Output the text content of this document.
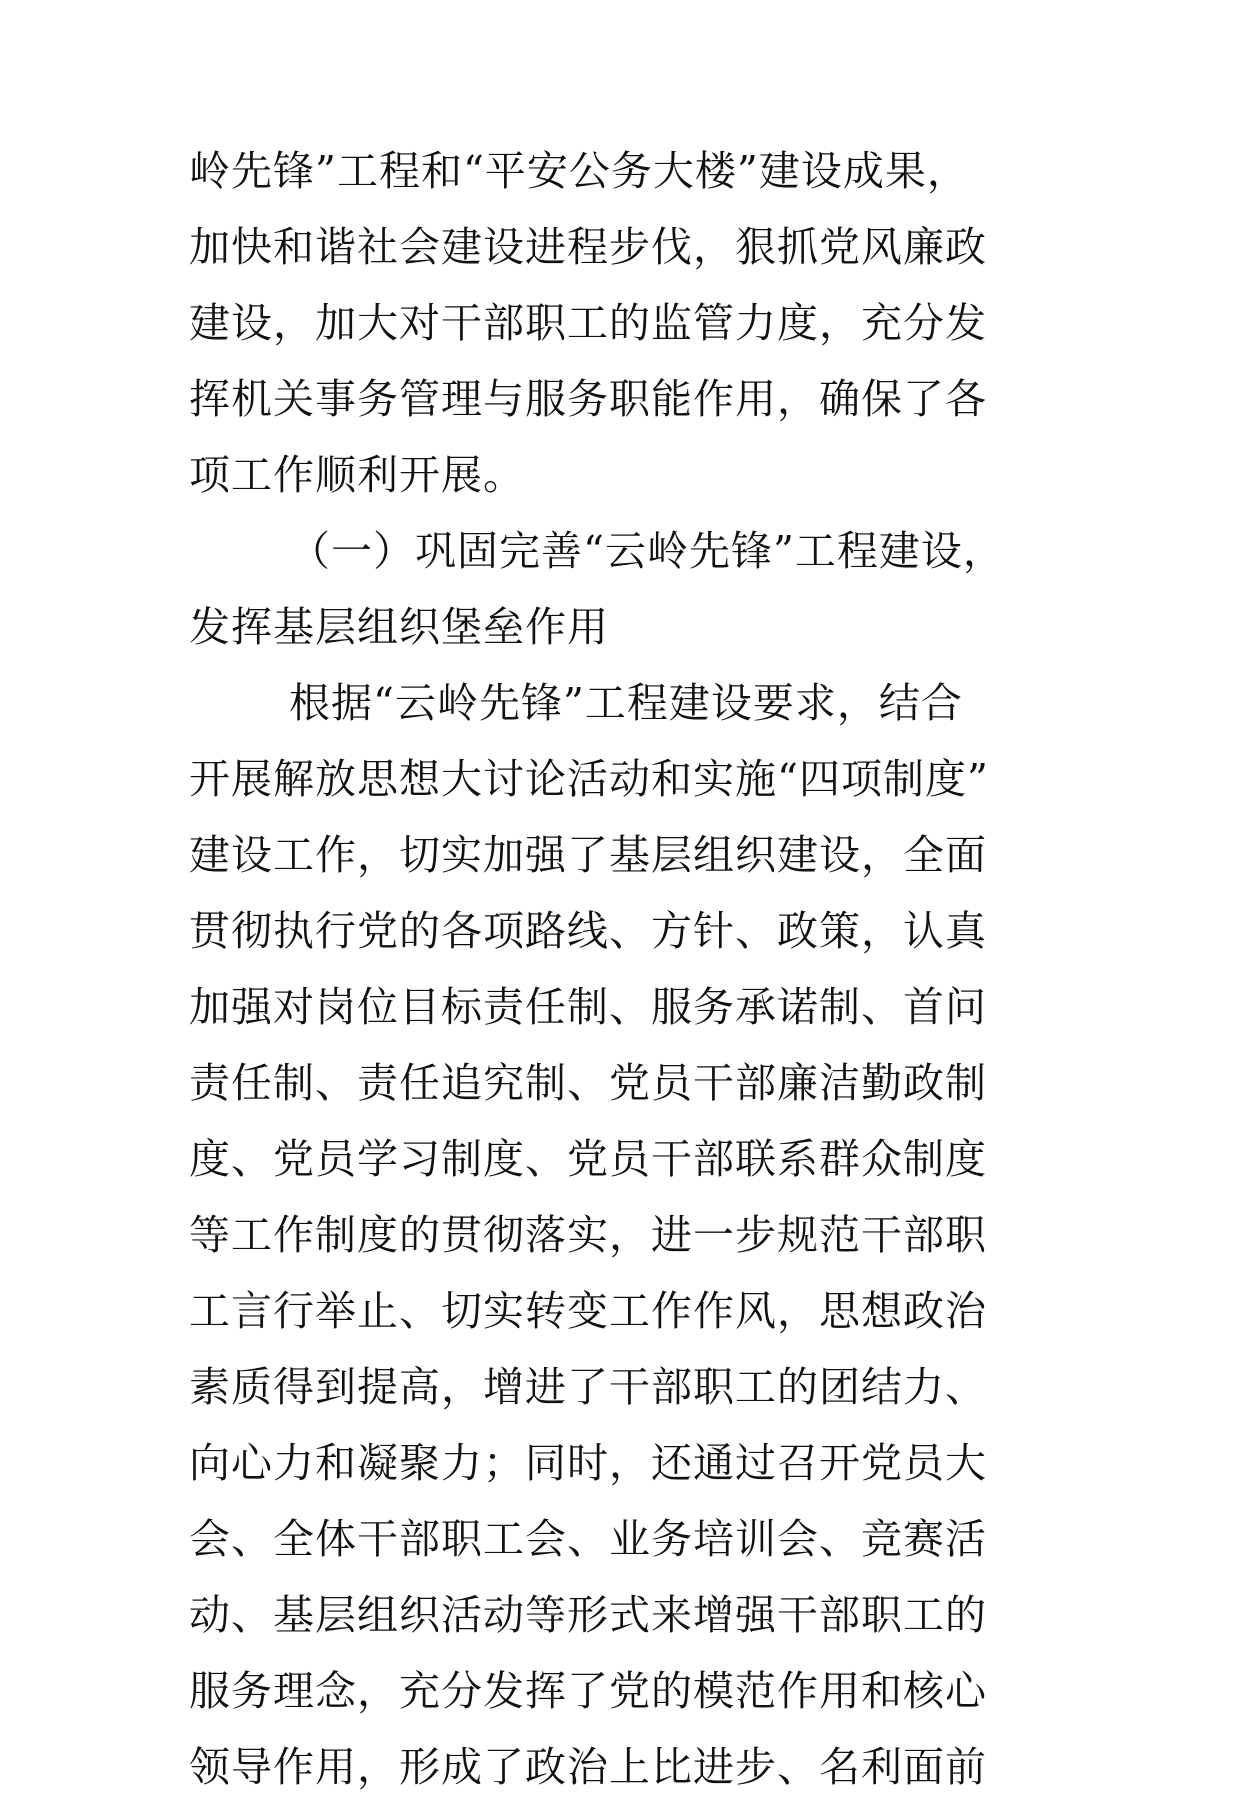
岭先锋”工程和“平安公务大楼”建设成果，
加快和谐社会建设进程步伐，狠抓党风廉政
建设，加大对干部职工的监管力度，充分发
挥机关事务管理与服务职能作用，确保了各
项工作顺利开展。
（一）巩固完善“云岭先锋”工程建设，
发挥基层组织堡垒作用
根据“云岭先锋”工程建设要求，结合
开展解放思想大讨论活动和实施“四项制度”
建设工作，切实加强了基层组织建设，全面
贯彻执行党的各项路线、方针、政策，认真
加强对岗位目标责任制、服务承诺制、首问
责任制、责任追究制、党员干部廉洁勤政制
度、党员学习制度、党员干部联系群众制度
等工作制度的贯彻落实，进一步规范干部职
工言行举止、切实转变工作作风，思想政治
素质得到提高，增进了干部职工的团结力、
向心力和凝聚力；同时，还通过召开党员大
会、全体干部职工会、业务培训会、竞赛活
动、基层组织活动等形式来增强干部职工的
服务理念，充分发挥了党的模范作用和核心
领导作用，形成了政治上比进步、名利面前
